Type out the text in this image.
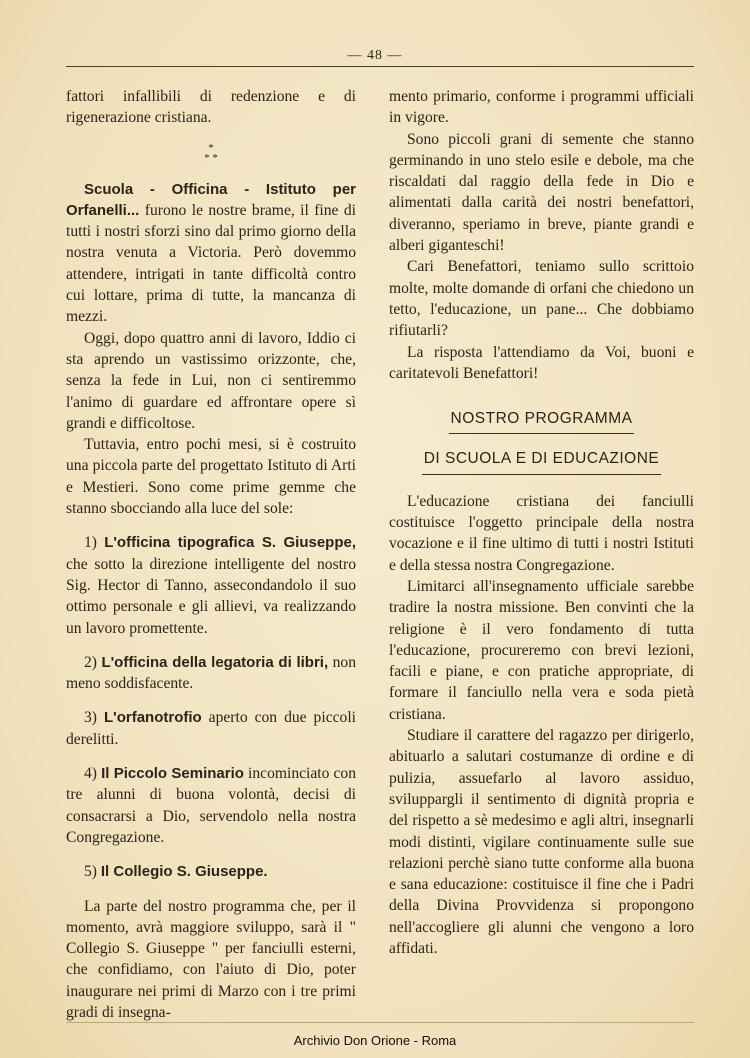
— 48 —

fattori infallibili di redenzione e di rigenerazione cristiana.

*
* *

Scuola - Officina - Istituto per Orfanelli... furono le nostre brame, il fine di tutti i nostri sforzi sino dal primo giorno della nostra venuta a Victoria. Però dovemmo attendere, intrigati in tante difficoltà contro cui lottare, prima di tutte, la mancanza di mezzi.

Oggi, dopo quattro anni di lavoro, Iddio ci sta aprendo un vastissimo orizzonte, che, senza la fede in Lui, non ci sentiremmo l'animo di guardare ed affrontare opere sì grandi e difficoltose.

Tuttavia, entro pochi mesi, si è costruito una piccola parte del progettato Istituto di Arti e Mestieri. Sono come prime gemme che stanno sbocciando alla luce del sole:

1) L'officina tipografica S. Giuseppe, che sotto la direzione intelligente del nostro Sig. Hector di Tanno, assecondandolo il suo ottimo personale e gli allievi, va realizzando un lavoro promettente.

2) L'officina della legatoria di libri, non meno soddisfacente.

3) L'orfanotrofio aperto con due piccoli derelitti.

4) Il Piccolo Seminario incominciato con tre alunni di buona volontà, decisi di consacrarsi a Dio, servendolo nella nostra Congregazione.

5) Il Collegio S. Giuseppe.

La parte del nostro programma che, per il momento, avrà maggiore sviluppo, sarà il " Collegio S. Giuseppe " per fanciulli esterni, che confidiamo, con l'aiuto di Dio, poter inaugurare nei primi di Marzo con i tre primi gradi di insegna-

mento primario, conforme i programmi ufficiali in vigore.

Sono piccoli grani di semente che stanno germinando in uno stelo esile e debole, ma che riscaldati dal raggio della fede in Dio e alimentati dalla carità dei nostri benefattori, diveranno, speriamo in breve, piante grandi e alberi giganteschi!

Cari Benefattori, teniamo sullo scrittoio molte, molte domande di orfani che chiedono un tetto, l'educazione, un pane... Che dobbiamo rifiutarli?

La risposta l'attendiamo da Voi, buoni e caritatevoli Benefattori!

NOSTRO PROGRAMMA
DI SCUOLA E DI EDUCAZIONE

L'educazione cristiana dei fanciulli costituisce l'oggetto principale della nostra vocazione e il fine ultimo di tutti i nostri Istituti e della stessa nostra Congregazione.

Limitarci all'insegnamento ufficiale sarebbe tradire la nostra missione. Ben convinti che la religione è il vero fondamento di tutta l'educazione, procureremo con brevi lezioni, facili e piane, e con pratiche appropriate, di formare il fanciullo nella vera e soda pietà cristiana.

Studiare il carattere del ragazzo per dirigerlo, abituarlo a salutari costumanze di ordine e di pulizia, assuefarlo al lavoro assiduo, sviluppargli il sentimento di dignità propria e del rispetto a sè medesimo e agli altri, insegnarli modi distinti, vigilare continuamente sulle sue relazioni perchè siano tutte conforme alla buona e sana educazione: costituisce il fine che i Padri della Divina Provvidenza si propongono nell'accogliere gli alunni che vengono a loro affidati.

Archivio Don Orione - Roma
